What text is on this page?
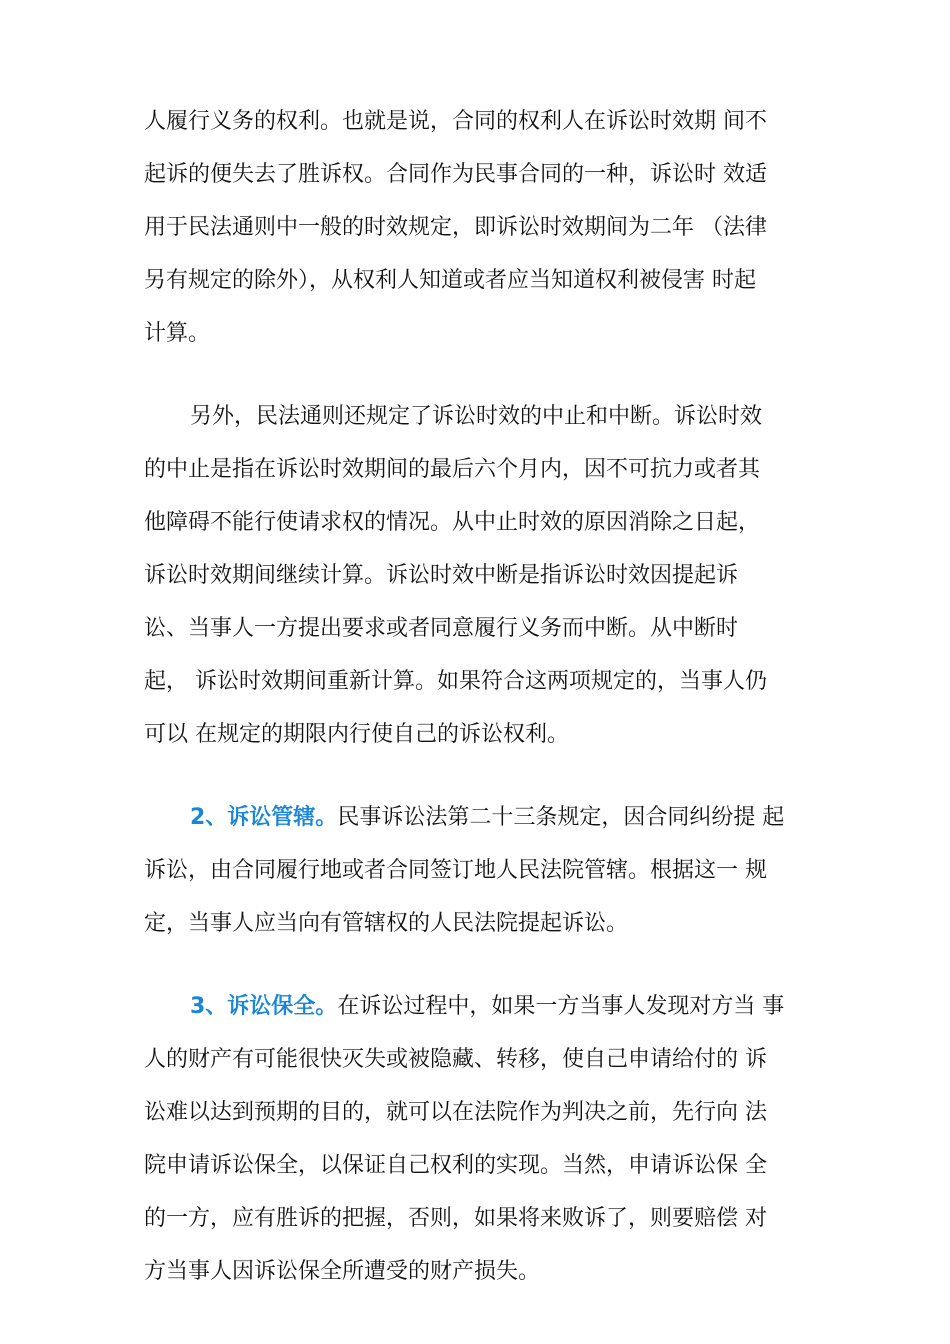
人履行义务的权利。也就是说，合同的权利人在诉讼时效期 间不
起诉的便失去了胜诉权。合同作为民事合同的一种，诉讼时 效适
用于民法通则中一般的时效规定，即诉讼时效期间为二年 （法律
另有规定的除外），从权利人知道或者应当知道权利被侵害 时起
计算。
另外，民法通则还规定了诉讼时效的中止和中断。诉讼时效
的中止是指在诉讼时效期间的最后六个月内，因不可抗力或者其
他障碍不能行使请求权的情况。从中止时效的原因消除之日起，
诉讼时效期间继续计算。诉讼时效中断是指诉讼时效因提起诉
讼、当事人一方提出要求或者同意履行义务而中断。从中断时
起， 诉讼时效期间重新计算。如果符合这两项规定的，当事人仍
可以 在规定的期限内行使自己的诉讼权利。
2、诉讼管辖。民事诉讼法第二十三条规定，因合同纠纷提 起
诉讼，由合同履行地或者合同签订地人民法院管辖。根据这一 规
定，当事人应当向有管辖权的人民法院提起诉讼。
3、诉讼保全。在诉讼过程中，如果一方当事人发现对方当 事
人的财产有可能很快灭失或被隐藏、转移，使自己申请给付的 诉
讼难以达到预期的目的，就可以在法院作为判决之前，先行向 法
院申请诉讼保全，以保证自己权利的实现。当然，申请诉讼保 全
的一方，应有胜诉的把握，否则，如果将来败诉了，则要赔偿 对
方当事人因诉讼保全所遭受的财产损失。
